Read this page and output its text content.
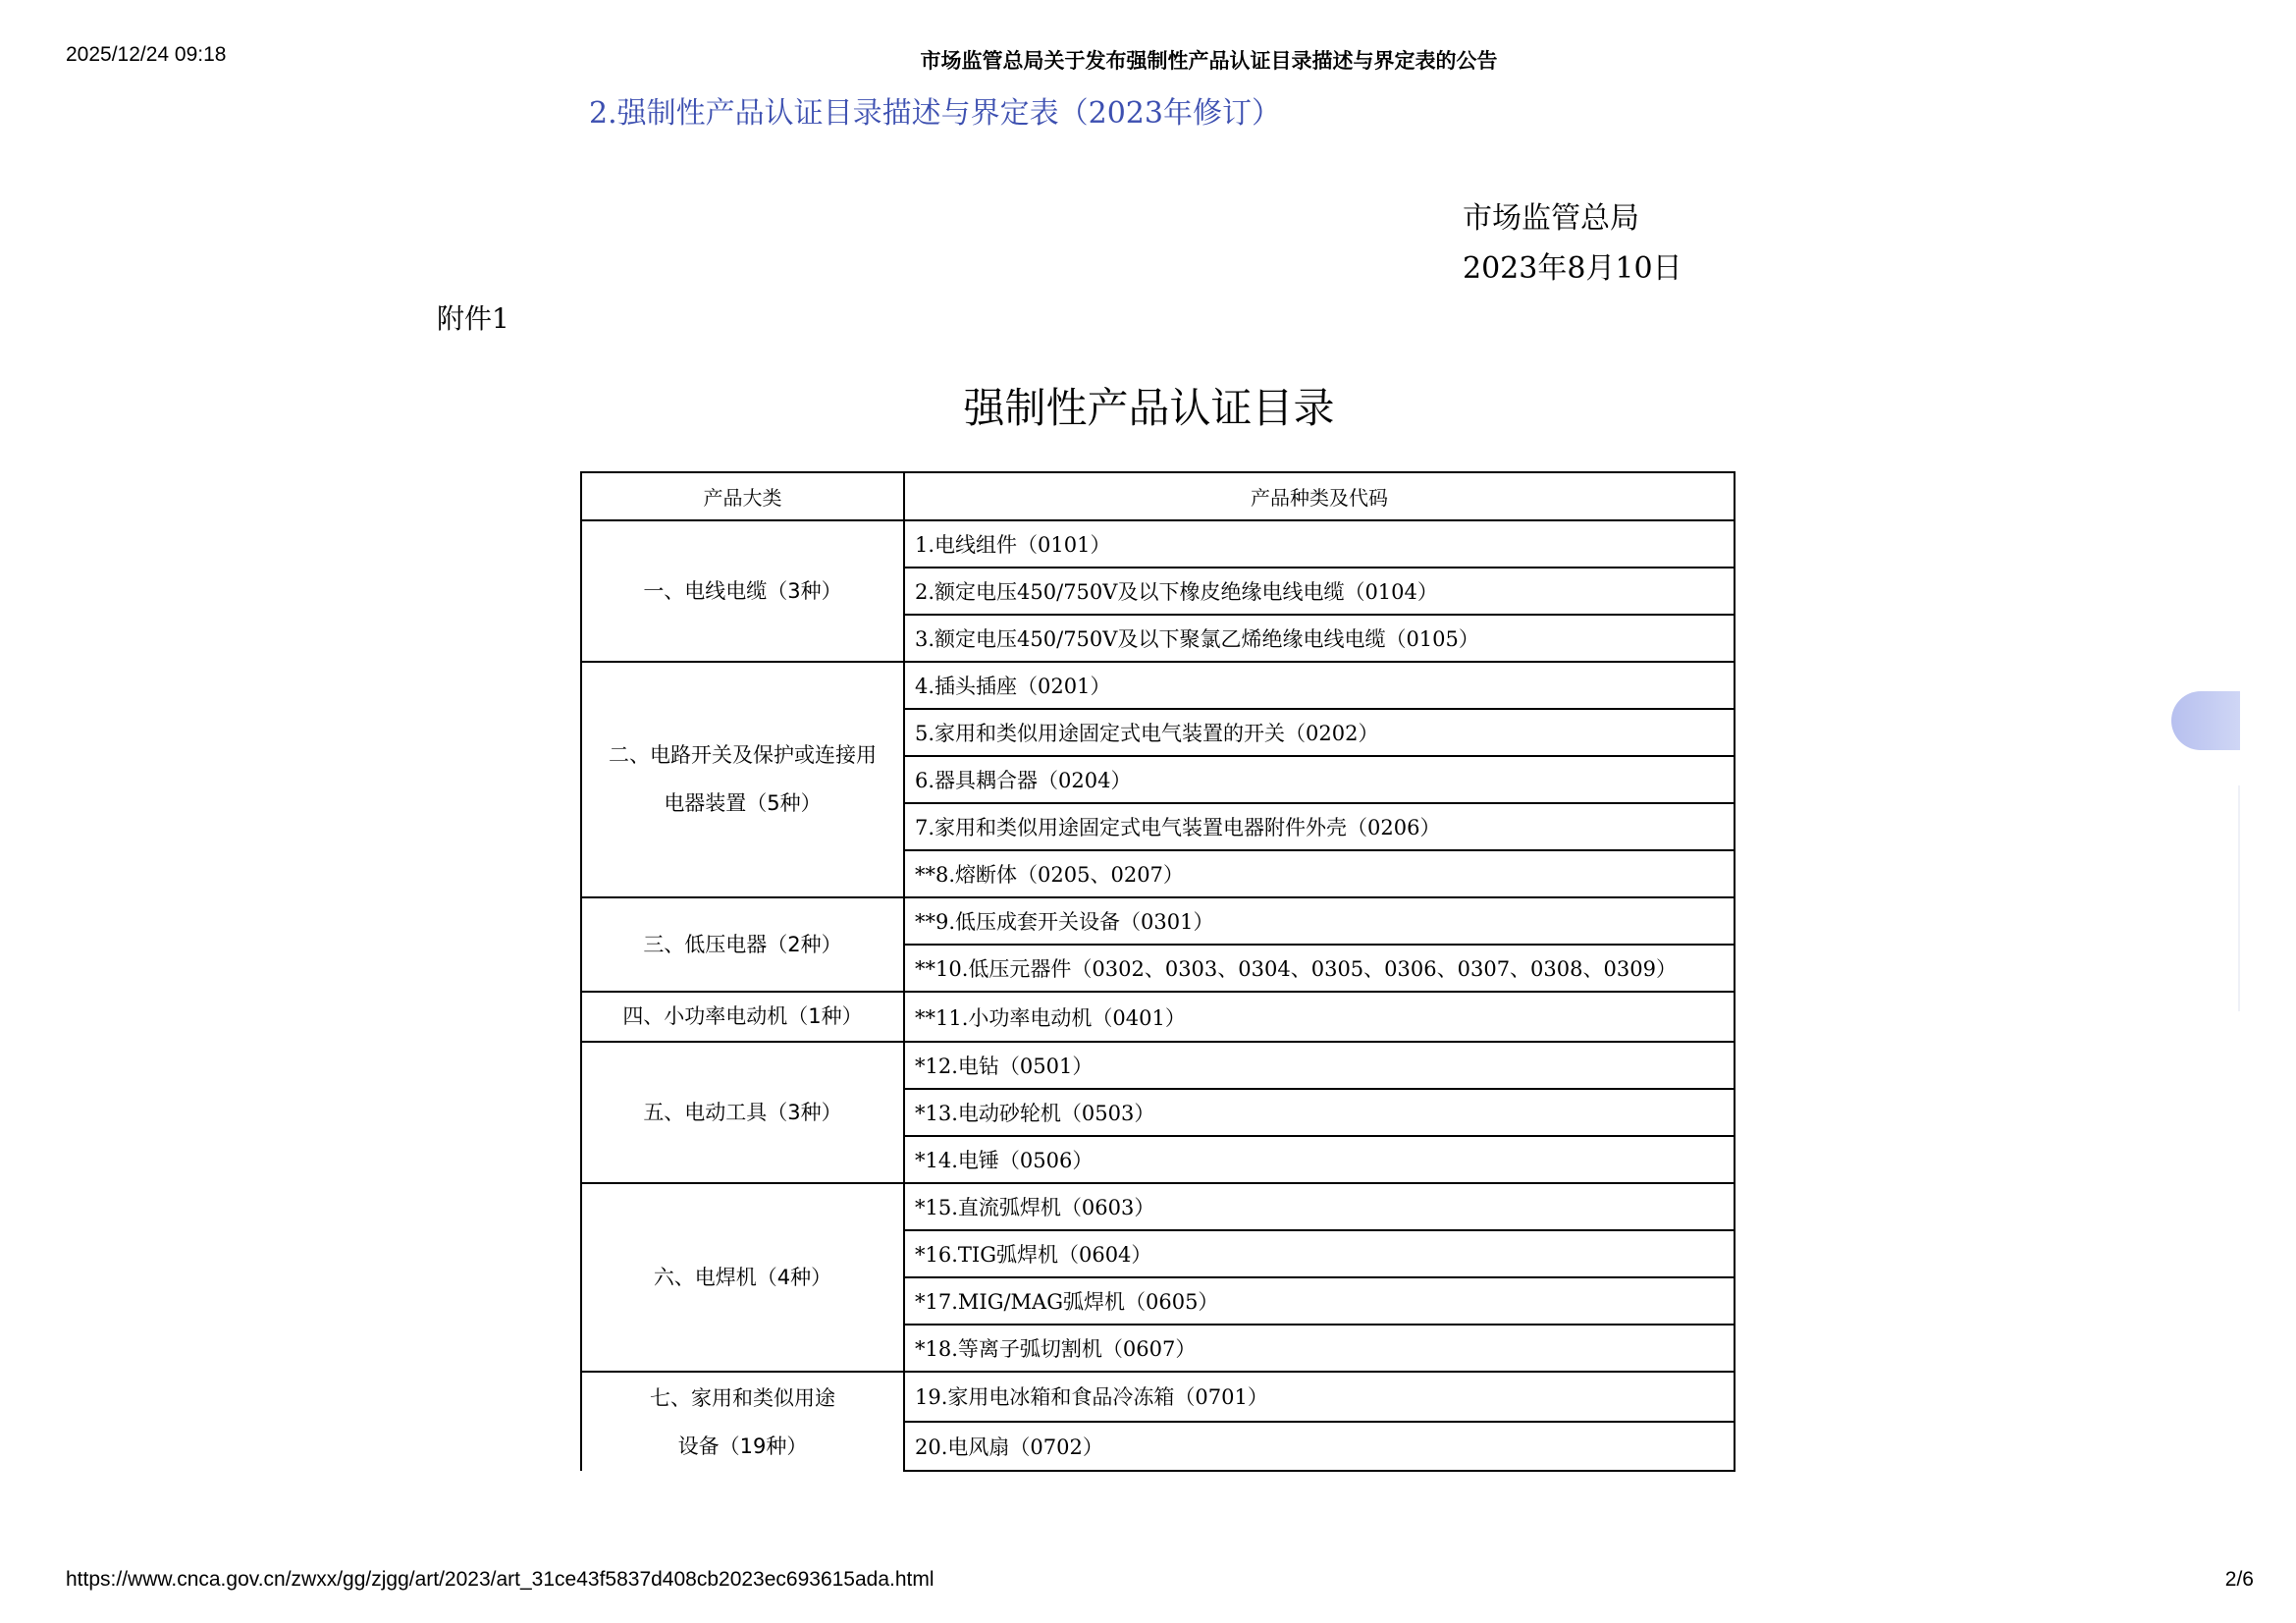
2025/12/24 09:18	市场监管总局关于发布强制性产品认证目录描述与界定表的公告
2.强制性产品认证目录描述与界定表（2023年修订）
市场监管总局
2023年8月10日
附件1
强制性产品认证目录
产品大类	产品种类及代码

一、电线电缆（3种）	1.电线组件（0101）
	2.额定电压450/750V及以下橡皮绝缘电线电缆（0104）
	3.额定电压450/750V及以下聚氯乙烯绝缘电线电缆（0105）

二、电路开关及保护或连接用
电器装置（5种）	4.插头插座（0201）
	5.家用和类似用途固定式电气装置的开关（0202）
	6.器具耦合器（0204）
	7.家用和类似用途固定式电气装置电器附件外壳（0206）
	**8.熔断体（0205、0207）

三、低压电器（2种）	**9.低压成套开关设备（0301）
	**10.低压元器件（0302、0303、0304、0305、0306、0307、0308、0309）

四、小功率电动机（1种）	**11.小功率电动机（0401）

五、电动工具（3种）	*12.电钻（0501）
	*13.电动砂轮机（0503）
	*14.电锤（0506）

六、电焊机（4种）	*15.直流弧焊机（0603）
	*16.TIG弧焊机（0604）
	*17.MIG/MAG弧焊机（0605）
	*18.等离子弧切割机（0607）

七、家用和类似用途
设备（19种）	19.家用电冰箱和食品冷冻箱（0701）
	20.电风扇（0702）
https://www.cnca.gov.cn/zwxx/gg/zjgg/art/2023/art_31ce43f5837d408cb2023ec693615ada.html	2/6
